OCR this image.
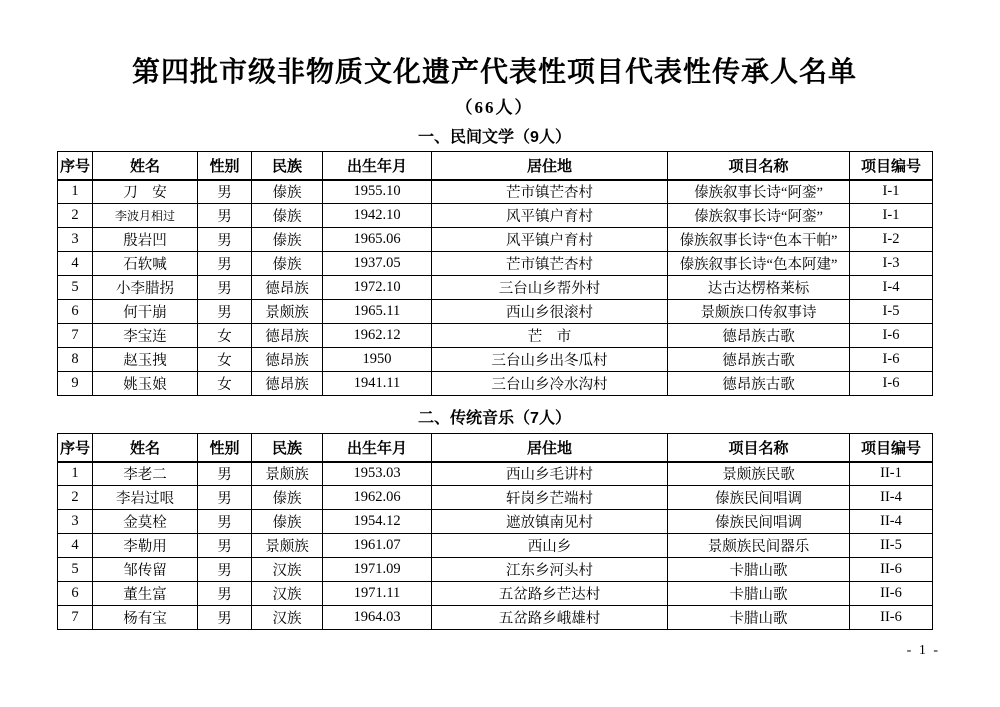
第四批市级非物质文化遗产代表性项目代表性传承人名单
（66人）
一、民间文学（9人）
序号	姓名	性别	民族	出生年月	居住地	项目名称	项目编号
1	刀　安	男	傣族	1955.10	芒市镇芒杏村	傣族叙事长诗“阿銮”	I-1
2	李波月相过	男	傣族	1942.10	风平镇户育村	傣族叙事长诗“阿銮”	I-1
3	殷岩凹	男	傣族	1965.06	风平镇户育村	傣族叙事长诗“色本干帕”	I-2
4	石软喊	男	傣族	1937.05	芒市镇芒杏村	傣族叙事长诗“色本阿建”	I-3
5	小李腊拐	男	德昂族	1972.10	三台山乡帮外村	达古达楞格莱标	I-4
6	何干崩	男	景颇族	1965.11	西山乡很滚村	景颇族口传叙事诗	I-5
7	李宝连	女	德昂族	1962.12	芒　市	德昂族古歌	I-6
8	赵玉拽	女	德昂族	1950	三台山乡出冬瓜村	德昂族古歌	I-6
9	姚玉娘	女	德昂族	1941.11	三台山乡冷水沟村	德昂族古歌	I-6
二、传统音乐（7人）
序号	姓名	性别	民族	出生年月	居住地	项目名称	项目编号
1	李老二	男	景颇族	1953.03	西山乡毛讲村	景颇族民歌	II-1
2	李岩过哏	男	傣族	1962.06	轩岗乡芒端村	傣族民间唱调	II-4
3	金莫栓	男	傣族	1954.12	遮放镇南见村	傣族民间唱调	II-4
4	李勒用	男	景颇族	1961.07	西山乡	景颇族民间器乐	II-5
5	邹传留	男	汉族	1971.09	江东乡河头村	卡腊山歌	II-6
6	董生富	男	汉族	1971.11	五岔路乡芒达村	卡腊山歌	II-6
7	杨有宝	男	汉族	1964.03	五岔路乡峨雄村	卡腊山歌	II-6
- 1 -
